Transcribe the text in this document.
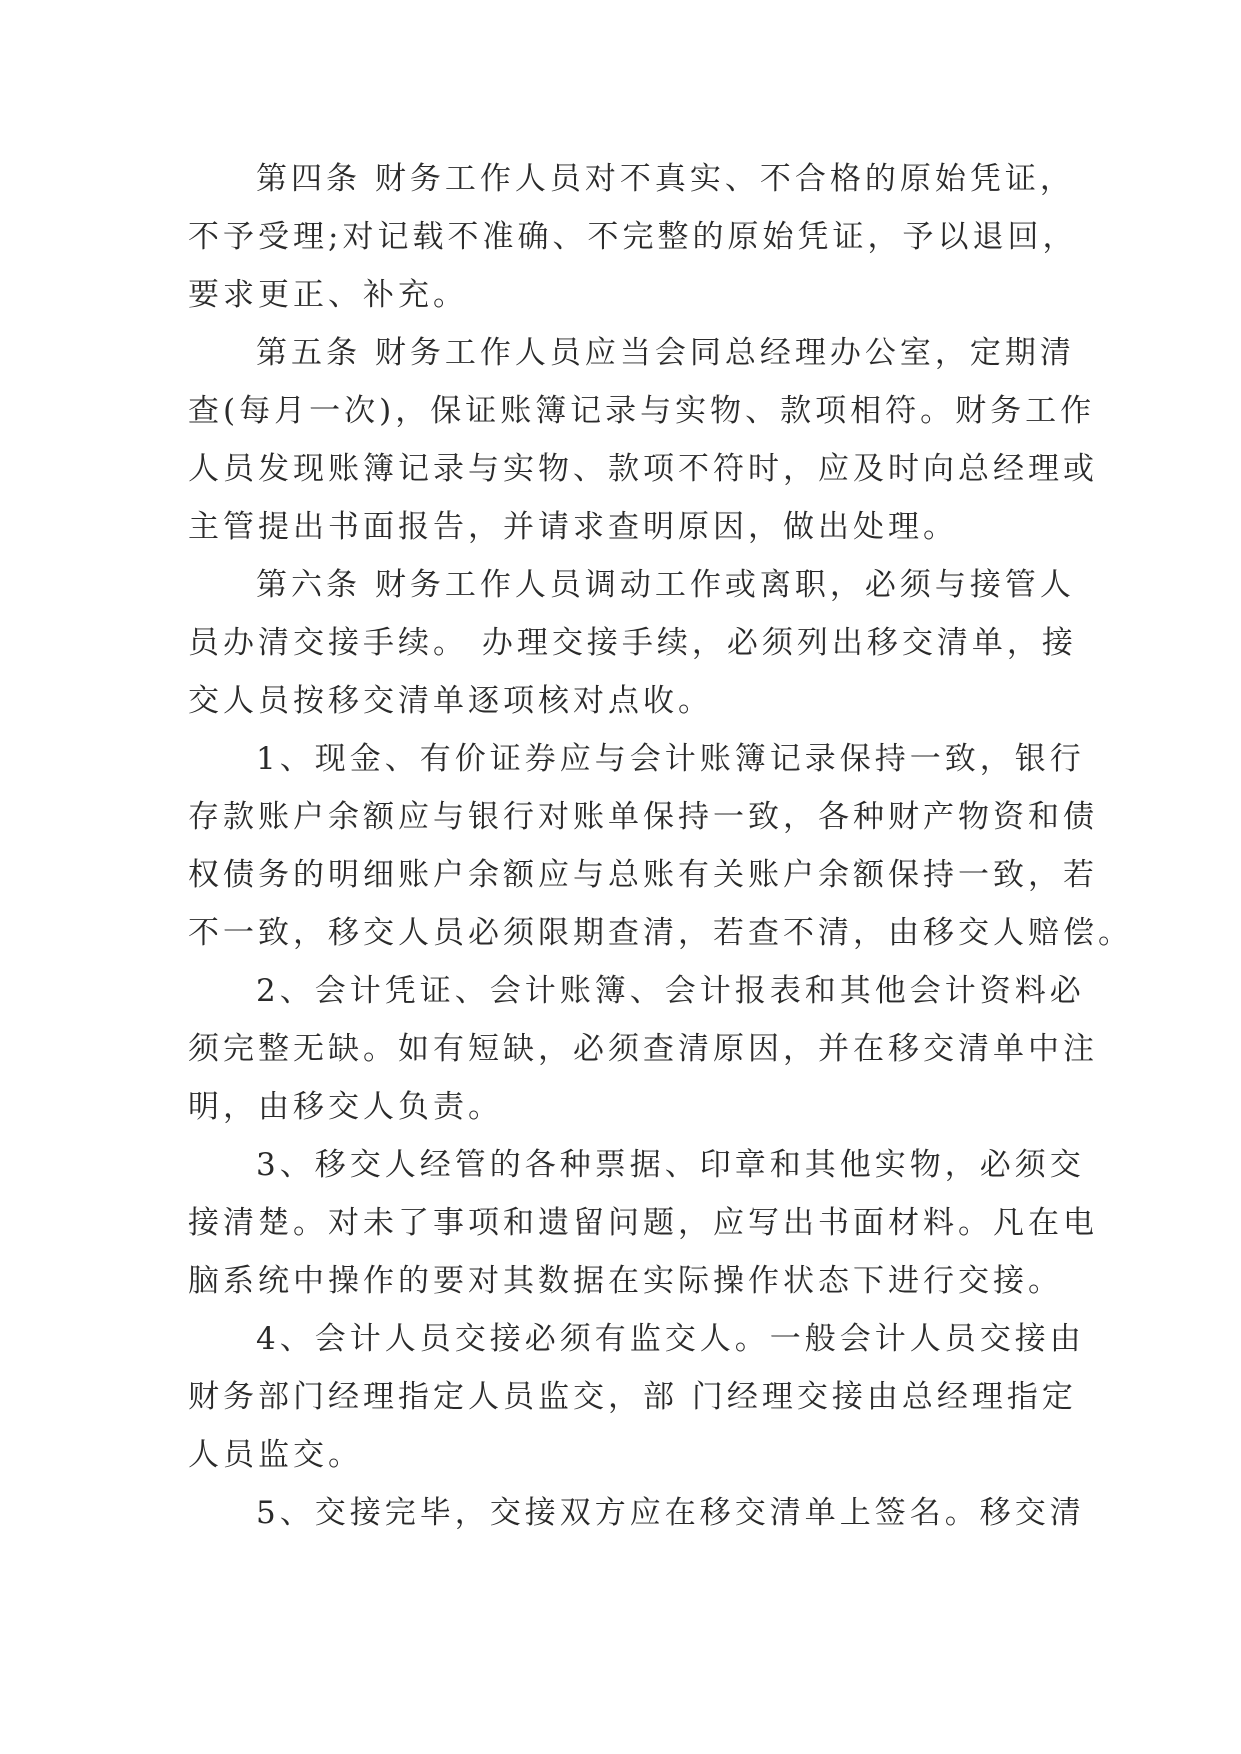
第四条 财务工作人员对不真实、不合格的原始凭证，
不予受理;对记载不准确、不完整的原始凭证，予以退回，
要求更正、补充。
第五条 财务工作人员应当会同总经理办公室，定期清
查(每月一次)，保证账簿记录与实物、款项相符。财务工作
人员发现账簿记录与实物、款项不符时，应及时向总经理或
主管提出书面报告，并请求查明原因，做出处理。
第六条 财务工作人员调动工作或离职，必须与接管人
员办清交接手续。 办理交接手续，必须列出移交清单，接
交人员按移交清单逐项核对点收。
1、现金、有价证券应与会计账簿记录保持一致，银行
存款账户余额应与银行对账单保持一致，各种财产物资和债
权债务的明细账户余额应与总账有关账户余额保持一致，若
不一致，移交人员必须限期查清，若查不清，由移交人赔偿。
2、会计凭证、会计账簿、会计报表和其他会计资料必
须完整无缺。如有短缺，必须查清原因，并在移交清单中注
明，由移交人负责。
3、移交人经管的各种票据、印章和其他实物，必须交
接清楚。对未了事项和遗留问题，应写出书面材料。凡在电
脑系统中操作的要对其数据在实际操作状态下进行交接。
4、会计人员交接必须有监交人。一般会计人员交接由
财务部门经理指定人员监交，部 门经理交接由总经理指定
人员监交。
5、交接完毕，交接双方应在移交清单上签名。移交清
